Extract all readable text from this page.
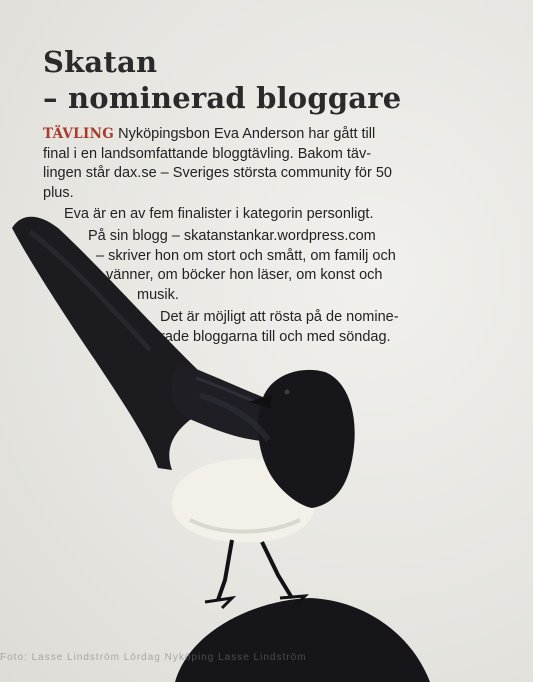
Skatan
– nominerad bloggare
TÄVLING Nyköpingsbon Eva Anderson har gått till
final i en landsomfattande bloggtävling. Bakom täv-
lingen står dax.se – Sveriges största community för 50
plus.
Eva är en av fem finalister i kategorin personligt.
På sin blogg – skatanstankar.wordpress.com
– skriver hon om stort och smått, om familj och
vänner, om böcker hon läser, om konst och
musik.
Det är möjligt att rösta på de nomine-
rade bloggarna till och med söndag.
Foto: Lasse Lindström Lördag Nyköping Lasse Lindström
